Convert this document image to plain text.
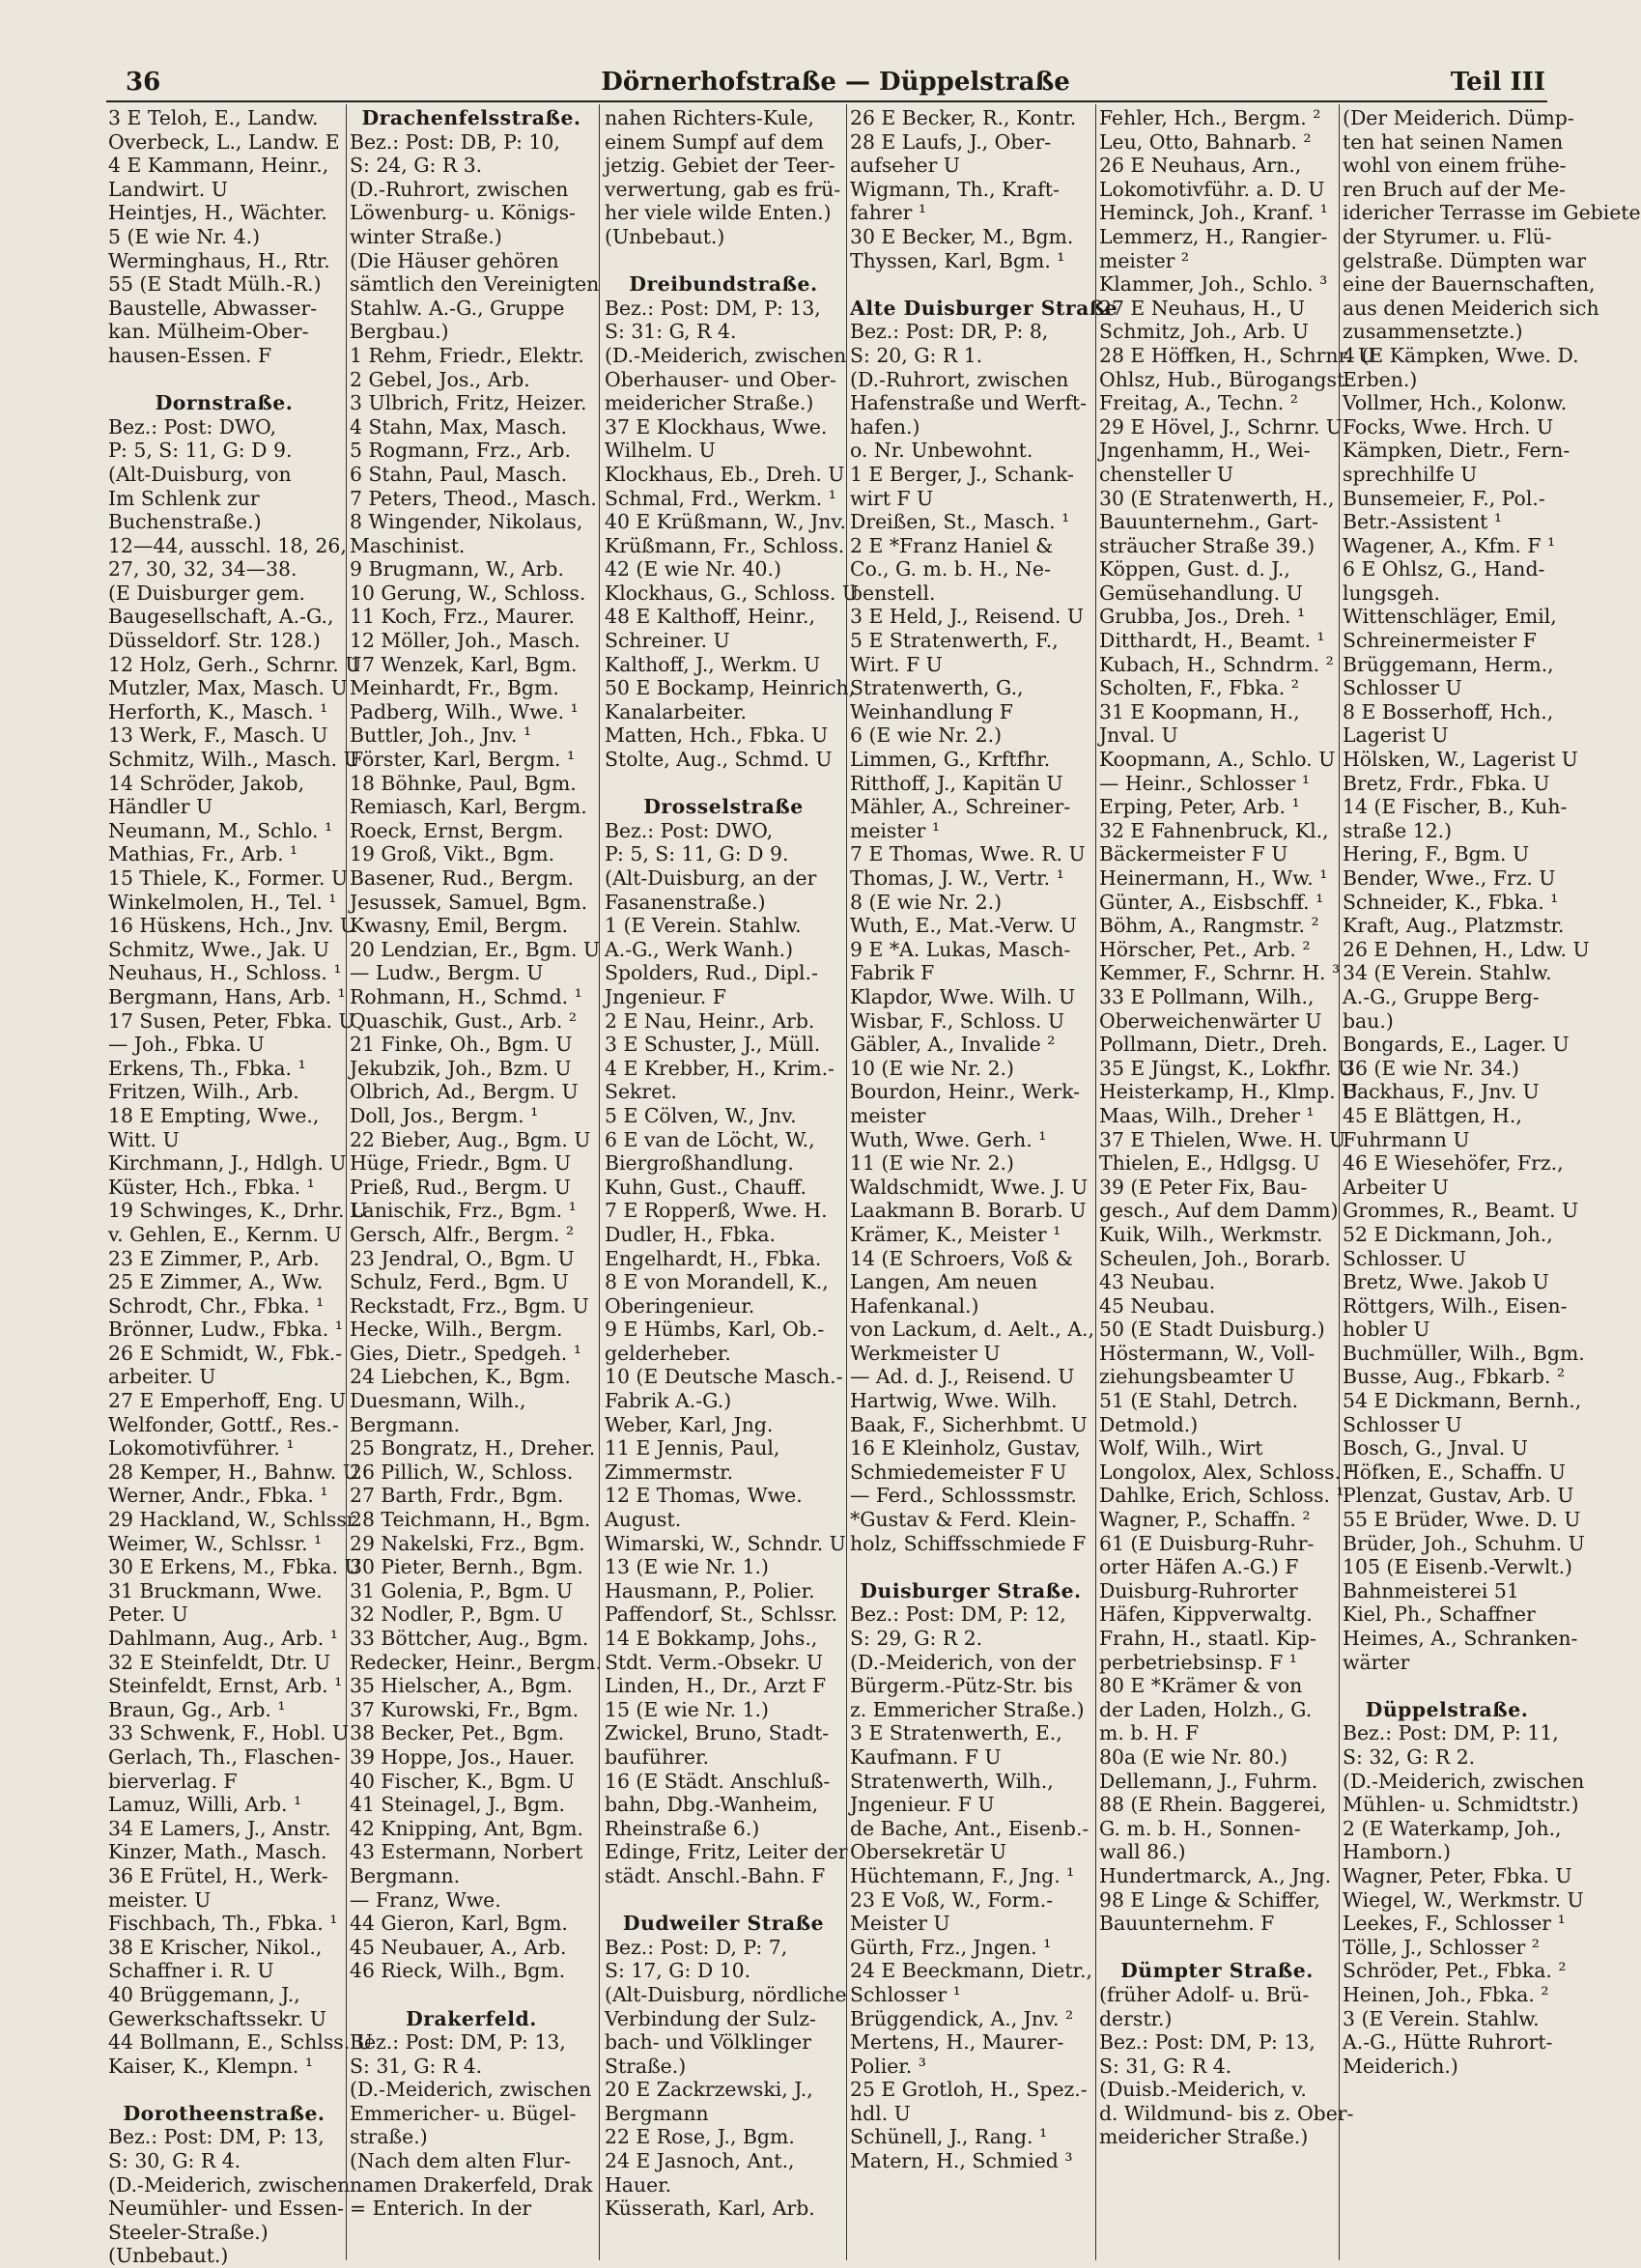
36	Dörnerhofstraße — Düppelstraße	Teil III
3 E Teloh, E., Landw.
Overbeck, L., Landw. E
4 E Kammann, Heinr.,
Landwirt. U
Heintjes, H., Wächter.
5 (E wie Nr. 4.)
Werminghaus, H., Rtr.
55 (E Stadt Mülh.-R.)
Baustelle, Abwasser-
kan. Mülheim-Ober-
hausen-Essen. F
Dornstraße.
Bez.: Post: DWO,
P: 5, S: 11, G: D 9.
(Alt-Duisburg, von
Im Schlenk zur
Buchenstraße.)
12—44, ausschl. 18, 26,
27, 30, 32, 34—38.
(E Duisburger gem.
Baugesellschaft, A.-G.,
Düsseldorf. Str. 128.)
12 Holz, Gerh., Schrnr. U
Mutzler, Max, Masch. U
Herforth, K., Masch. ¹
13 Werk, F., Masch. U
Schmitz, Wilh., Masch. U
14 Schröder, Jakob,
Händler U
Neumann, M., Schlo. ¹
Mathias, Fr., Arb. ¹
15 Thiele, K., Former. U
Winkelmolen, H., Tel. ¹
16 Hüskens, Hch., Jnv. U
Schmitz, Wwe., Jak. U
Neuhaus, H., Schloss. ¹
Bergmann, Hans, Arb. ¹
17 Susen, Peter, Fbka. U
— Joh., Fbka. U
Erkens, Th., Fbka. ¹
Fritzen, Wilh., Arb.
18 E Empting, Wwe.,
Witt. U
Kirchmann, J., Hdlgh. U
Küster, Hch., Fbka. ¹
19 Schwinges, K., Drhr. U
v. Gehlen, E., Kernm. U
23 E Zimmer, P., Arb.
25 E Zimmer, A., Ww.
Schrodt, Chr., Fbka. ¹
Brönner, Ludw., Fbka. ¹
26 E Schmidt, W., Fbk.-
arbeiter. U
27 E Emperhoff, Eng. U
Welfonder, Gottf., Res.-
Lokomotivführer. ¹
28 Kemper, H., Bahnw. U
Werner, Andr., Fbka. ¹
29 Hackland, W., Schlssr.
Weimer, W., Schlssr. ¹
30 E Erkens, M., Fbka. U
31 Bruckmann, Wwe.
Peter. U
Dahlmann, Aug., Arb. ¹
32 E Steinfeldt, Dtr. U
Steinfeldt, Ernst, Arb. ¹
Braun, Gg., Arb. ¹
33 Schwenk, F., Hobl. U
Gerlach, Th., Flaschen-
bierverlag. F
Lamuz, Willi, Arb. ¹
34 E Lamers, J., Anstr.
Kinzer, Math., Masch.
36 E Frütel, H., Werk-
meister. U
Fischbach, Th., Fbka. ¹
38 E Krischer, Nikol.,
Schaffner i. R. U
40 Brüggemann, J.,
Gewerkschaftssekr. U
44 Bollmann, E., Schlss. U
Kaiser, K., Klempn. ¹
Dorotheenstraße.
Bez.: Post: DM, P: 13,
S: 30, G: R 4.
(D.-Meiderich, zwischen
Neumühler- und Essen-
Steeler-Straße.)
(Unbebaut.)
Drachenfelsstraße.
Bez.: Post: DB, P: 10,
S: 24, G: R 3.
(D.-Ruhrort, zwischen
Löwenburg- u. Königs-
winter Straße.)
(Die Häuser gehören
sämtlich den Vereinigten
Stahlw. A.-G., Gruppe
Bergbau.)
1 Rehm, Friedr., Elektr.
2 Gebel, Jos., Arb.
3 Ulbrich, Fritz, Heizer.
4 Stahn, Max, Masch.
5 Rogmann, Frz., Arb.
6 Stahn, Paul, Masch.
7 Peters, Theod., Masch.
8 Wingender, Nikolaus,
Maschinist.
9 Brugmann, W., Arb.
10 Gerung, W., Schloss.
11 Koch, Frz., Maurer.
12 Möller, Joh., Masch.
17 Wenzek, Karl, Bgm.
Meinhardt, Fr., Bgm.
Padberg, Wilh., Wwe. ¹
Buttler, Joh., Jnv. ¹
Förster, Karl, Bergm. ¹
18 Böhnke, Paul, Bgm.
Remiasch, Karl, Bergm.
Roeck, Ernst, Bergm.
19 Groß, Vikt., Bgm.
Basener, Rud., Bergm.
Jesussek, Samuel, Bgm.
Kwasny, Emil, Bergm.
20 Lendzian, Er., Bgm. U
— Ludw., Bergm. U
Rohmann, H., Schmd. ¹
Quaschik, Gust., Arb. ²
21 Finke, Oh., Bgm. U
Jekubzik, Joh., Bzm. U
Olbrich, Ad., Bergm. U
Doll, Jos., Bergm. ¹
22 Bieber, Aug., Bgm. U
Hüge, Friedr., Bgm. U
Prieß, Rud., Bergm. U
Lanischik, Frz., Bgm. ¹
Gersch, Alfr., Bergm. ²
23 Jendral, O., Bgm. U
Schulz, Ferd., Bgm. U
Reckstadt, Frz., Bgm. U
Hecke, Wilh., Bergm.
Gies, Dietr., Spedgeh. ¹
24 Liebchen, K., Bgm.
Duesmann, Wilh.,
Bergmann.
25 Bongratz, H., Dreher.
26 Pillich, W., Schloss.
27 Barth, Frdr., Bgm.
28 Teichmann, H., Bgm.
29 Nakelski, Frz., Bgm.
30 Pieter, Bernh., Bgm.
31 Golenia, P., Bgm. U
32 Nodler, P., Bgm. U
33 Böttcher, Aug., Bgm.
Redecker, Heinr., Bergm.
35 Hielscher, A., Bgm.
37 Kurowski, Fr., Bgm.
38 Becker, Pet., Bgm.
39 Hoppe, Jos., Hauer.
40 Fischer, K., Bgm. U
41 Steinagel, J., Bgm.
42 Knipping, Ant, Bgm.
43 Estermann, Norbert
Bergmann.
— Franz, Wwe.
44 Gieron, Karl, Bgm.
45 Neubauer, A., Arb.
46 Rieck, Wilh., Bgm.
Drakerfeld.
Bez.: Post: DM, P: 13,
S: 31, G: R 4.
(D.-Meiderich, zwischen
Emmericher- u. Bügel-
straße.)
(Nach dem alten Flur-
namen Drakerfeld, Drak
= Enterich. In der
nahen Richters-Kule,
einem Sumpf auf dem
jetzig. Gebiet der Teer-
verwertung, gab es frü-
her viele wilde Enten.)
(Unbebaut.)
Dreibundstraße.
Bez.: Post: DM, P: 13,
S: 31: G, R 4.
(D.-Meiderich, zwischen
Oberhauser- und Ober-
meidericher Straße.)
37 E Klockhaus, Wwe.
Wilhelm. U
Klockhaus, Eb., Dreh. U
Schmal, Frd., Werkm. ¹
40 E Krüßmann, W., Jnv.
Krüßmann, Fr., Schloss.
42 (E wie Nr. 40.)
Klockhaus, G., Schloss. U
48 E Kalthoff, Heinr.,
Schreiner. U
Kalthoff, J., Werkm. U
50 E Bockamp, Heinrich,
Kanalarbeiter.
Matten, Hch., Fbka. U
Stolte, Aug., Schmd. U
Drosselstraße
Bez.: Post: DWO,
P: 5, S: 11, G: D 9.
(Alt-Duisburg, an der
Fasanenstraße.)
1 (E Verein. Stahlw.
A.-G., Werk Wanh.)
Spolders, Rud., Dipl.-
Jngenieur. F
2 E Nau, Heinr., Arb.
3 E Schuster, J., Müll.
4 E Krebber, H., Krim.-
Sekret.
5 E Cölven, W., Jnv.
6 E van de Löcht, W.,
Biergroßhandlung.
Kuhn, Gust., Chauff.
7 E Ropperß, Wwe. H.
Dudler, H., Fbka.
Engelhardt, H., Fbka.
8 E von Morandell, K.,
Oberingenieur.
9 E Hümbs, Karl, Ob.-
gelderheber.
10 (E Deutsche Masch.-
Fabrik A.-G.)
Weber, Karl, Jng.
11 E Jennis, Paul,
Zimmermstr.
12 E Thomas, Wwe.
August.
Wimarski, W., Schndr. U
13 (E wie Nr. 1.)
Hausmann, P., Polier.
Paffendorf, St., Schlssr.
14 E Bokkamp, Johs.,
Stdt. Verm.-Obsekr. U
Linden, H., Dr., Arzt F
15 (E wie Nr. 1.)
Zwickel, Bruno, Stadt-
bauführer.
16 (E Städt. Anschluß-
bahn, Dbg.-Wanheim,
Rheinstraße 6.)
Edinge, Fritz, Leiter der
städt. Anschl.-Bahn. F
Dudweiler Straße
Bez.: Post: D, P: 7,
S: 17, G: D 10.
(Alt-Duisburg, nördliche
Verbindung der Sulz-
bach- und Völklinger
Straße.)
20 E Zackrzewski, J.,
Bergmann
22 E Rose, J., Bgm.
24 E Jasnoch, Ant.,
Hauer.
Küsserath, Karl, Arb.
26 E Becker, R., Kontr.
28 E Laufs, J., Ober-
aufseher U
Wigmann, Th., Kraft-
fahrer ¹
30 E Becker, M., Bgm.
Thyssen, Karl, Bgm. ¹
Alte Duisburger Straße
Bez.: Post: DR, P: 8,
S: 20, G: R 1.
(D.-Ruhrort, zwischen
Hafenstraße und Werft-
hafen.)
o. Nr. Unbewohnt.
1 E Berger, J., Schank-
wirt F U
Dreißen, St., Masch. ¹
2 E *Franz Haniel &
Co., G. m. b. H., Ne-
benstell.
3 E Held, J., Reisend. U
5 E Stratenwerth, F.,
Wirt. F U
Stratenwerth, G.,
Weinhandlung F
6 (E wie Nr. 2.)
Limmen, G., Krftfhr.
Ritthoff, J., Kapitän U
Mähler, A., Schreiner-
meister ¹
7 E Thomas, Wwe. R. U
Thomas, J. W., Vertr. ¹
8 (E wie Nr. 2.)
Wuth, E., Mat.-Verw. U
9 E *A. Lukas, Masch-
Fabrik F
Klapdor, Wwe. Wilh. U
Wisbar, F., Schloss. U
Gäbler, A., Invalide ²
10 (E wie Nr. 2.)
Bourdon, Heinr., Werk-
meister
Wuth, Wwe. Gerh. ¹
11 (E wie Nr. 2.)
Waldschmidt, Wwe. J. U
Laakmann B. Borarb. U
Krämer, K., Meister ¹
14 (E Schroers, Voß &
Langen, Am neuen
Hafenkanal.)
von Lackum, d. Aelt., A.,
Werkmeister U
— Ad. d. J., Reisend. U
Hartwig, Wwe. Wilh.
Baak, F., Sicherhbmt. U
16 E Kleinholz, Gustav,
Schmiedemeister F U
— Ferd., Schlosssmstr.
*Gustav & Ferd. Klein-
holz, Schiffsschmiede F
Duisburger Straße.
Bez.: Post: DM, P: 12,
S: 29, G: R 2.
(D.-Meiderich, von der
Bürgerm.-Pütz-Str. bis
z. Emmericher Straße.)
3 E Stratenwerth, E.,
Kaufmann. F U
Stratenwerth, Wilh.,
Jngenieur. F U
de Bache, Ant., Eisenb.-
Obersekretär U
Hüchtemann, F., Jng. ¹
23 E Voß, W., Form.-
Meister U
Gürth, Frz., Jngen. ¹
24 E Beeckmann, Dietr.,
Schlosser ¹
Brüggendick, A., Jnv. ²
Mertens, H., Maurer-
Polier. ³
25 E Grotloh, H., Spez.-
hdl. U
Schünell, J., Rang. ¹
Matern, H., Schmied ³
Fehler, Hch., Bergm. ²
Leu, Otto, Bahnarb. ²
26 E Neuhaus, Arn.,
Lokomotivführ. a. D. U
Heminck, Joh., Kranf. ¹
Lemmerz, H., Rangier-
meister ²
Klammer, Joh., Schlo. ³
27 E Neuhaus, H., U
Schmitz, Joh., Arb. U
28 E Höffken, H., Schrnr. U
Ohlsz, Hub., Bürogangst.
Freitag, A., Techn. ²
29 E Hövel, J., Schrnr. U
Jngenhamm, H., Wei-
chensteller U
30 (E Stratenwerth, H.,
Bauunternehm., Gart-
sträucher Straße 39.)
Köppen, Gust. d. J.,
Gemüsehandlung. U
Grubba, Jos., Dreh. ¹
Ditthardt, H., Beamt. ¹
Kubach, H., Schndrm. ²
Scholten, F., Fbka. ²
31 E Koopmann, H.,
Jnval. U
Koopmann, A., Schlo. U
— Heinr., Schlosser ¹
Erping, Peter, Arb. ¹
32 E Fahnenbruck, Kl.,
Bäckermeister F U
Heinermann, H., Ww. ¹
Günter, A., Eisbschff. ¹
Böhm, A., Rangmstr. ²
Hörscher, Pet., Arb. ²
Kemmer, F., Schrnr. H. ³
33 E Pollmann, Wilh.,
Oberweichenwärter U
Pollmann, Dietr., Dreh.
35 E Jüngst, K., Lokfhr. U
Heisterkamp, H., Klmp. U
Maas, Wilh., Dreher ¹
37 E Thielen, Wwe. H. U
Thielen, E., Hdlgsg. U
39 (E Peter Fix, Bau-
gesch., Auf dem Damm)
Kuik, Wilh., Werkmstr.
Scheulen, Joh., Borarb.
43 Neubau.
45 Neubau.
50 (E Stadt Duisburg.)
Höstermann, W., Voll-
ziehungsbeamter U
51 (E Stahl, Detrch.
Detmold.)
Wolf, Wilh., Wirt
Longolox, Alex, Schloss. ¹
Dahlke, Erich, Schloss. ¹
Wagner, P., Schaffn. ²
61 (E Duisburg-Ruhr-
orter Häfen A.-G.) F
Duisburg-Ruhrorter
Häfen, Kippverwaltg.
Frahn, H., staatl. Kip-
perbetriebsinsp. F ¹
80 E *Krämer & von
der Laden, Holzh., G.
m. b. H. F
80a (E wie Nr. 80.)
Dellemann, J., Fuhrm.
88 (E Rhein. Baggerei,
G. m. b. H., Sonnen-
wall 86.)
Hundertmarck, A., Jng.
98 E Linge & Schiffer,
Bauunternehm. F
Dümpter Straße.
(früher Adolf- u. Brü-
derstr.)
Bez.: Post: DM, P: 13,
S: 31, G: R 4.
(Duisb.-Meiderich, v.
d. Wildmund- bis z. Ober-
meidericher Straße.)
(Der Meiderich. Dümp-
ten hat seinen Namen
wohl von einem frühe-
ren Bruch auf der Me-
idericher Terrasse im Gebiete
der Styrumer. u. Flü-
gelstraße. Dümpten war
eine der Bauernschaften,
aus denen Meiderich sich
zusammensetzte.)
4 (E Kämpken, Wwe. D.
Erben.)
Vollmer, Hch., Kolonw.
Focks, Wwe. Hrch. U
Kämpken, Dietr., Fern-
sprechhilfe U
Bunsemeier, F., Pol.-
Betr.-Assistent ¹
Wagener, A., Kfm. F ¹
6 E Ohlsz, G., Hand-
lungsgeh.
Wittenschläger, Emil,
Schreinermeister F
Brüggemann, Herm.,
Schlosser U
8 E Bosserhoff, Hch.,
Lagerist U
Hölsken, W., Lagerist U
Bretz, Frdr., Fbka. U
14 (E Fischer, B., Kuh-
straße 12.)
Hering, F., Bgm. U
Bender, Wwe., Frz. U
Schneider, K., Fbka. ¹
Kraft, Aug., Platzmstr.
26 E Dehnen, H., Ldw. U
34 (E Verein. Stahlw.
A.-G., Gruppe Berg-
bau.)
Bongards, E., Lager. U
36 (E wie Nr. 34.)
Backhaus, F., Jnv. U
45 E Blättgen, H.,
Fuhrmann U
46 E Wiesehöfer, Frz.,
Arbeiter U
Grommes, R., Beamt. U
52 E Dickmann, Joh.,
Schlosser. U
Bretz, Wwe. Jakob U
Röttgers, Wilh., Eisen-
hobler U
Buchmüller, Wilh., Bgm.
Busse, Aug., Fbkarb. ²
54 E Dickmann, Bernh.,
Schlosser U
Bosch, G., Jnval. U
Höfken, E., Schaffn. U
Plenzat, Gustav, Arb. U
55 E Brüder, Wwe. D. U
Brüder, Joh., Schuhm. U
105 (E Eisenb.-Verwlt.)
Bahnmeisterei 51
Kiel, Ph., Schaffner
Heimes, A., Schranken-
wärter
Düppelstraße.
Bez.: Post: DM, P: 11,
S: 32, G: R 2.
(D.-Meiderich, zwischen
Mühlen- u. Schmidtstr.)
2 (E Waterkamp, Joh.,
Hamborn.)
Wagner, Peter, Fbka. U
Wiegel, W., Werkmstr. U
Leekes, F., Schlosser ¹
Tölle, J., Schlosser ²
Schröder, Pet., Fbka. ²
Heinen, Joh., Fbka. ²
3 (E Verein. Stahlw.
A.-G., Hütte Ruhrort-
Meiderich.)
